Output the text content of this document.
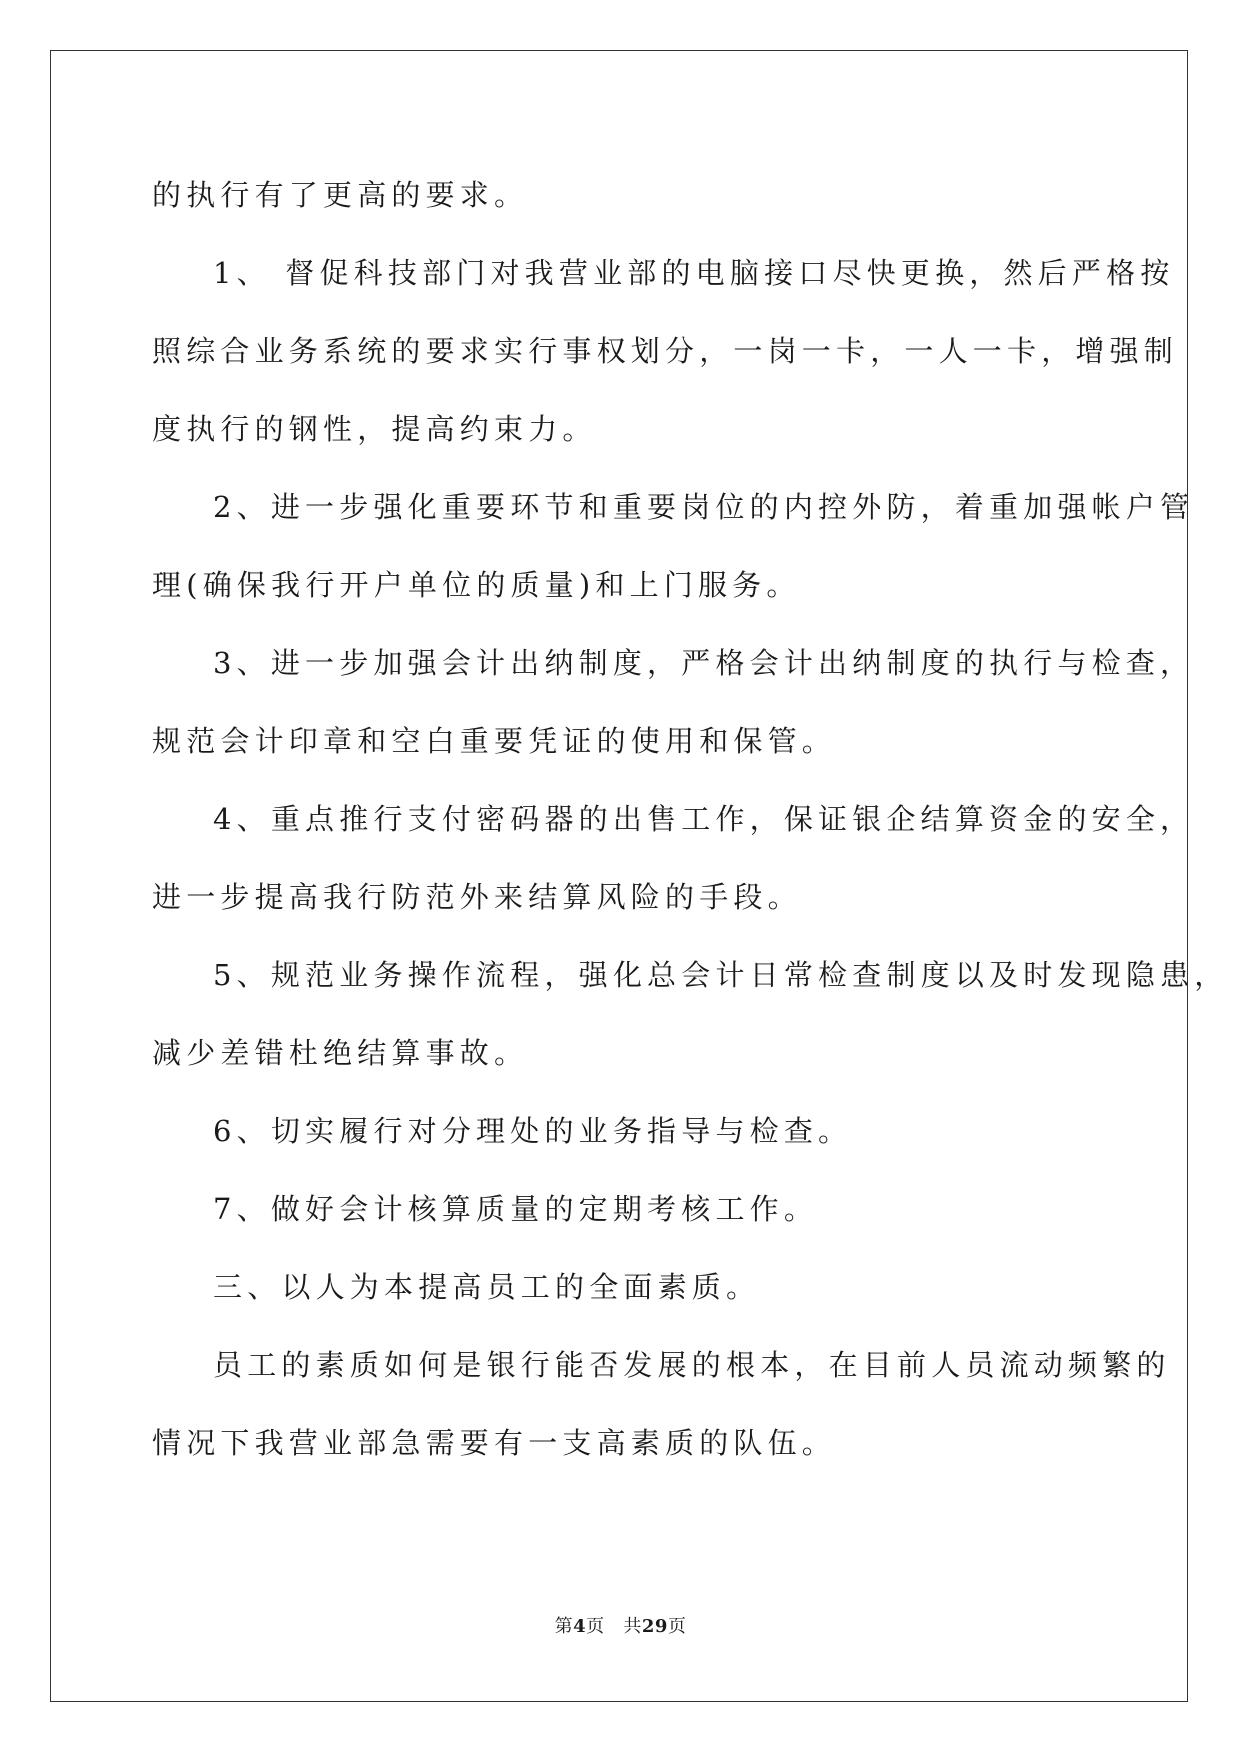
的执行有了更高的要求。
1、 督促科技部门对我营业部的电脑接口尽快更换，然后严格按
照综合业务系统的要求实行事权划分，一岗一卡，一人一卡，增强制
度执行的钢性，提高约束力。
2、进一步强化重要环节和重要岗位的内控外防，着重加强帐户管
理(确保我行开户单位的质量)和上门服务。
3、进一步加强会计出纳制度，严格会计出纳制度的执行与检查，
规范会计印章和空白重要凭证的使用和保管。
4、重点推行支付密码器的出售工作，保证银企结算资金的安全，
进一步提高我行防范外来结算风险的手段。
5、规范业务操作流程，强化总会计日常检查制度以及时发现隐患，
减少差错杜绝结算事故。
6、切实履行对分理处的业务指导与检查。
7、做好会计核算质量的定期考核工作。
三、以人为本提高员工的全面素质。
员工的素质如何是银行能否发展的根本，在目前人员流动频繁的
情况下我营业部急需要有一支高素质的队伍。
第4页 共29页
